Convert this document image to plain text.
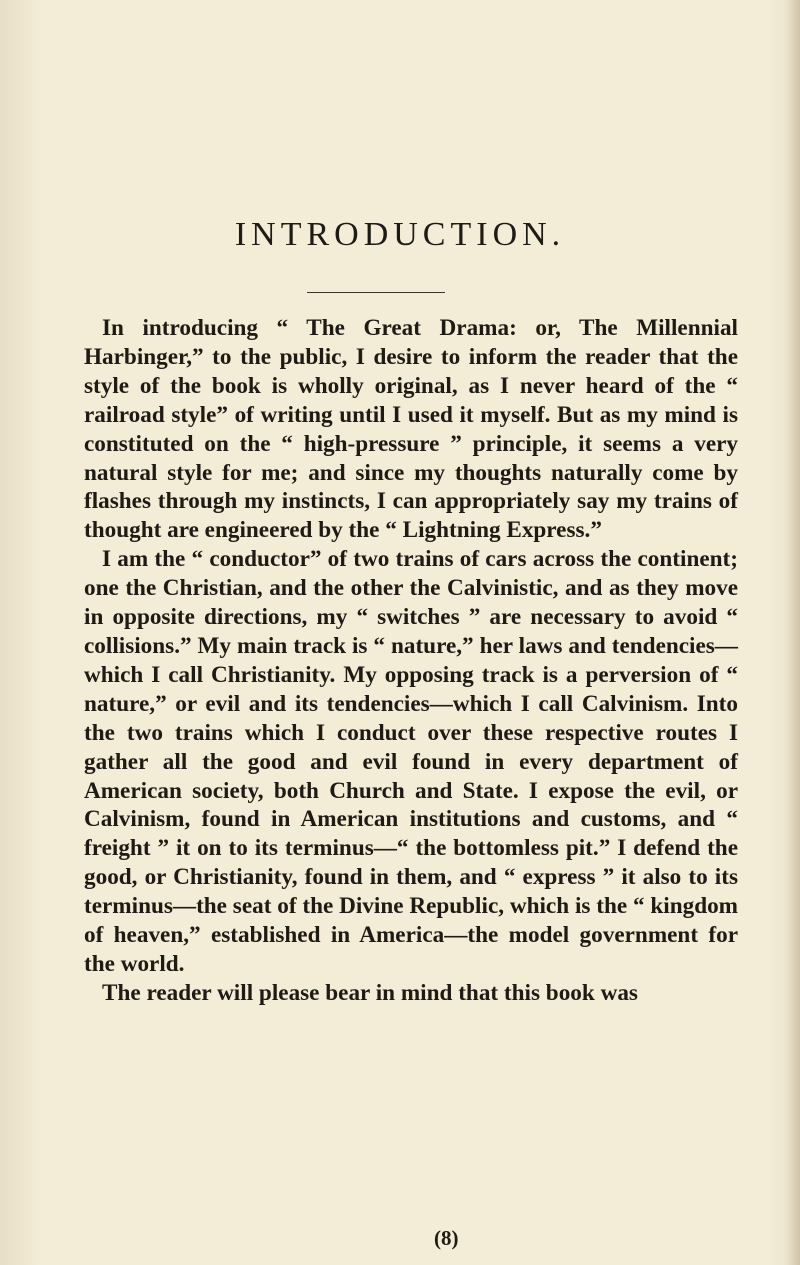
INTRODUCTION.

In introducing “ The Great Drama: or, The Millennial Harbinger,” to the public, I desire to inform the reader that the style of the book is wholly original, as I never heard of the “ railroad style” of writing until I used it myself. But as my mind is constituted on the “ high-pressure ” principle, it seems a very natural style for me; and since my thoughts naturally come by flashes through my instincts, I can appropriately say my trains of thought are engineered by the “ Lightning Express.”

I am the “ conductor” of two trains of cars across the continent; one the Christian, and the other the Calvinistic, and as they move in opposite directions, my “ switches ” are necessary to avoid “ collisions.” My main track is “ nature,” her laws and tendencies—which I call Christianity. My opposing track is a perversion of “ nature,” or evil and its tendencies—which I call Calvinism. Into the two trains which I conduct over these respective routes I gather all the good and evil found in every department of American society, both Church and State. I expose the evil, or Calvinism, found in American institutions and customs, and “ freight ” it on to its terminus—“ the bottomless pit.” I defend the good, or Christianity, found in them, and “ express ” it also to its terminus—the seat of the Divine Republic, which is the “ kingdom of heaven,” established in America—the model government for the world.

The reader will please bear in mind that this book was

(8)
